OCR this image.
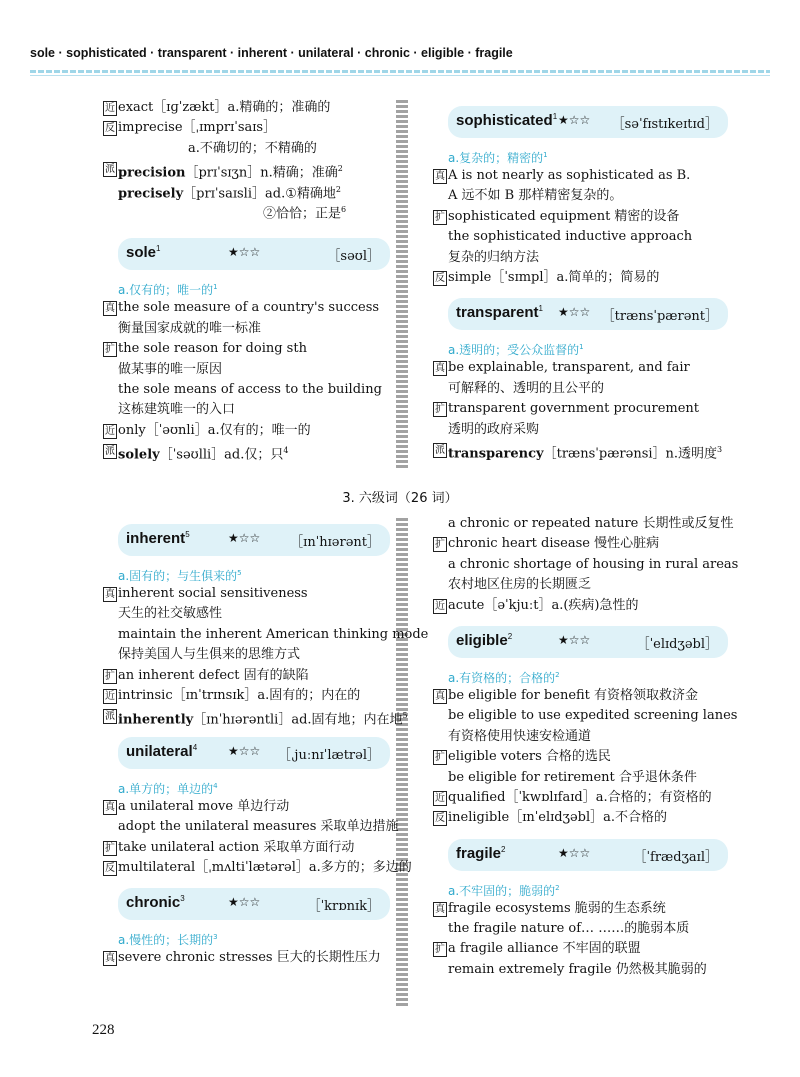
sole · sophisticated · transparent · inherent · unilateral · chronic · eligible · fragile
近 exact［ɪɡˈzækt］a.精确的；准确的
反 imprecise［ˌɪmprɪˈsaɪs］
a.不确切的；不精确的
派 precision［prɪˈsɪʒn］n.精确；准确$^2$
precisely［prɪˈsaɪsli］ad.①精确地$^2$
②恰恰；正是$^6$
sole$^1$	★☆☆	［səʊl］
a.仅有的；唯一的$^1$
真 the sole measure of a country's success
衡量国家成就的唯一标准
扩 the sole reason for doing sth
做某事的唯一原因
the sole means of access to the building
这栋建筑唯一的入口
近 only［ˈəʊnli］a.仅有的；唯一的
派 solely［ˈsəʊlli］ad.仅；只$^4$
sophisticated$^1$ ★☆☆ ［səˈfɪstɪkeɪtɪd］
a.复杂的；精密的$^1$
真 A is not nearly as sophisticated as B.
A 远不如 B 那样精密复杂的。
扩 sophisticated equipment 精密的设备
the sophisticated inductive approach
复杂的归纳方法
反 simple［ˈsɪmpl］a.简单的；简易的
transparent$^1$ ★☆☆ ［trænsˈpærənt］
a.透明的；受公众监督的$^1$
真 be explainable, transparent, and fair
可解释的、透明的且公平的
扩 transparent government procurement
透明的政府采购
派 transparency［trænsˈpærənsi］n.透明度$^3$
3. 六级词（26 词）
inherent$^5$	★☆☆ ［ɪnˈhɪərənt］
a.固有的；与生俱来的$^5$
真 inherent social sensitiveness
天生的社交敏感性
maintain the inherent American thinking mode
保持美国人与生俱来的思维方式
扩 an inherent defect 固有的缺陷
近 intrinsic［ɪnˈtrɪnsɪk］a.固有的；内在的
派 inherently［ɪnˈhɪərəntli］ad.固有地；内在地$^5$
unilateral$^4$	★☆☆ ［ˌjuːnɪˈlætrəl］
a.单方的；单边的$^4$
真 a unilateral move 单边行动
adopt the unilateral measures 采取单边措施
扩 take unilateral action 采取单方面行动
反 multilateral［ˌmʌltiˈlætərəl］a.多方的；多边的
chronic$^3$	★☆☆	［ˈkrɒnɪk］
a.慢性的；长期的$^3$
真 severe chronic stresses 巨大的长期性压力
a chronic or repeated nature 长期性或反复性
扩 chronic heart disease 慢性心脏病
a chronic shortage of housing in rural areas
农村地区住房的长期匮乏
近 acute［əˈkjuːt］a.(疾病)急性的
eligible$^2$	★☆☆	［ˈelɪdʒəbl］
a.有资格的；合格的$^2$
真 be eligible for benefit 有资格领取救济金
be eligible to use expedited screening lanes
有资格使用快速安检通道
扩 eligible voters 合格的选民
be eligible for retirement 合乎退休条件
近 qualified［ˈkwɒlɪfaɪd］a.合格的；有资格的
反 ineligible［ɪnˈelɪdʒəbl］a.不合格的
fragile$^2$	★☆☆	［ˈfrædʒaɪl］
a.不牢固的；脆弱的$^2$
真 fragile ecosystems 脆弱的生态系统
the fragile nature of… ……的脆弱本质
扩 a fragile alliance 不牢固的联盟
remain extremely fragile 仍然极其脆弱的
228
